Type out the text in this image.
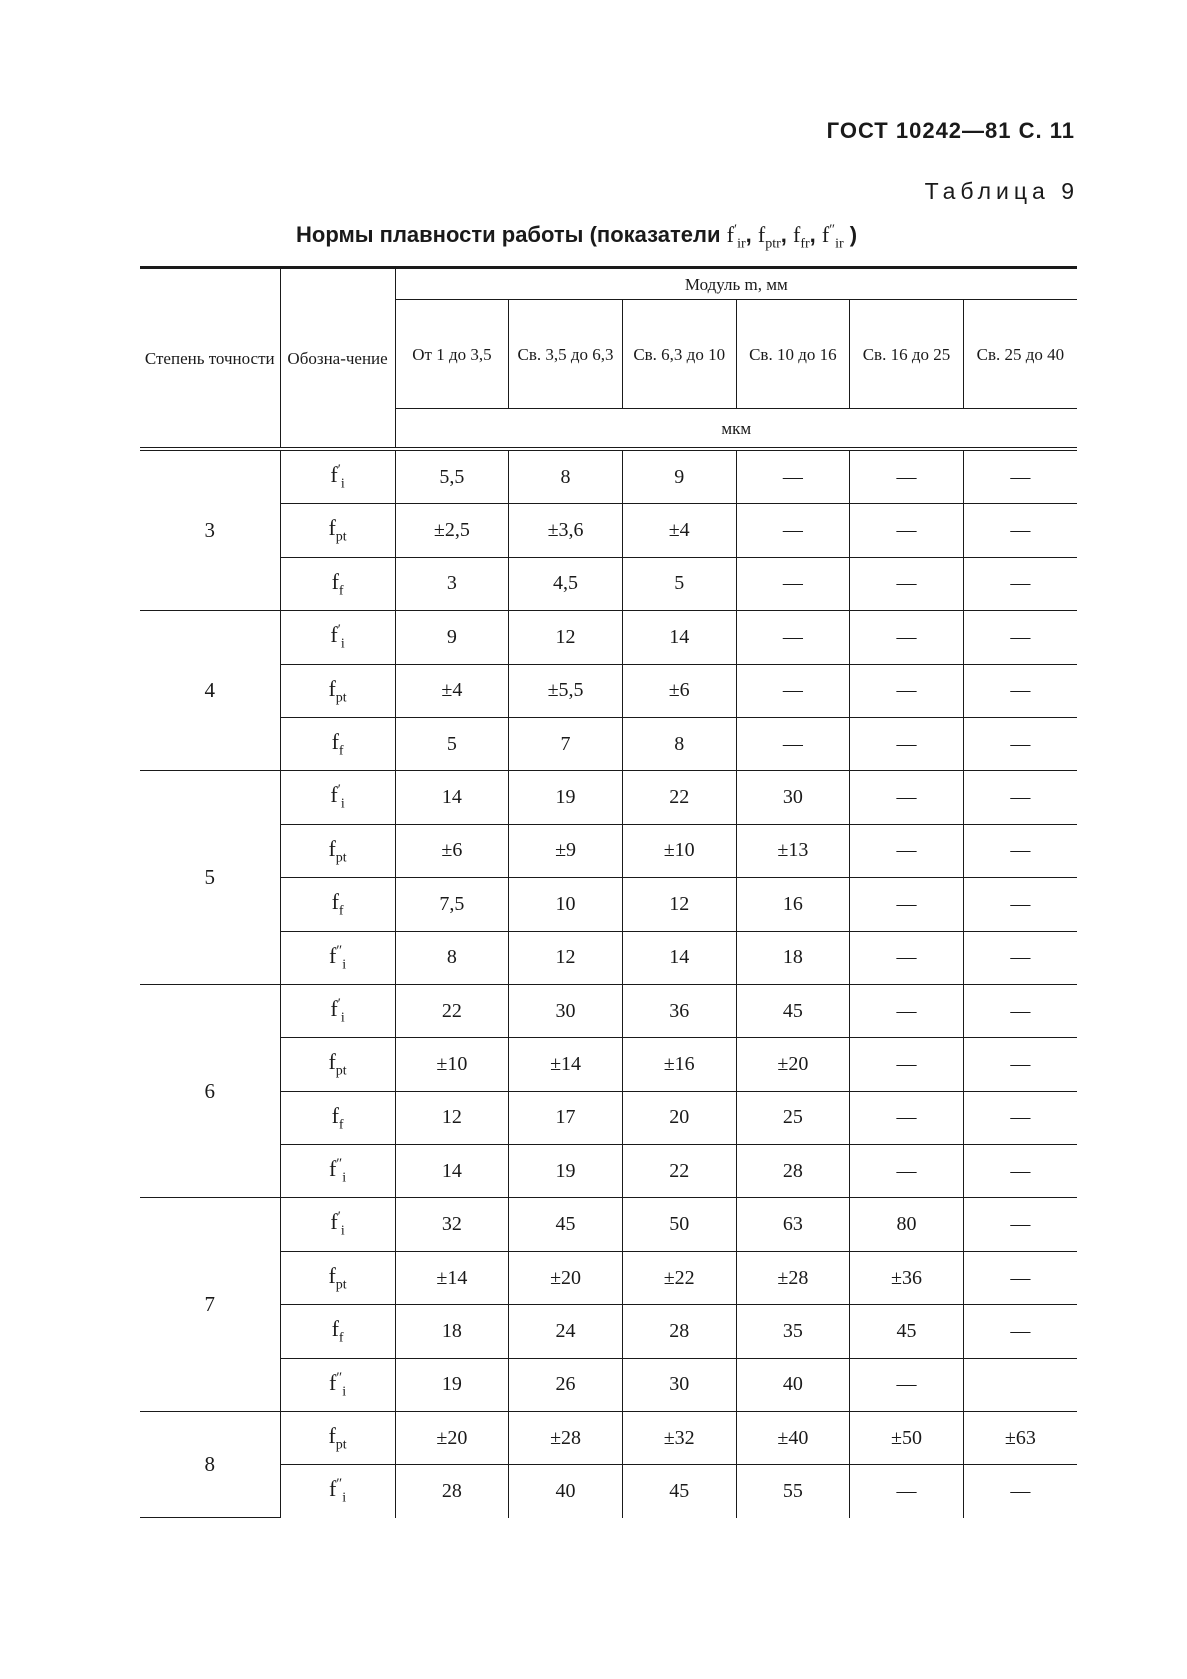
ГОСТ 10242—81 С. 11
Таблица 9
Нормы плавности работы (показатели $f'_{ir}$, $f_{ptr}$, $f_{fr}$, $f''_{ir}$ )
Степень точности	Обозна-чение	Модуль m, мм					
		От 1 до 3,5	Св. 3,5 до 6,3	Св. 6,3 до 10	Св. 10 до 16	Св. 16 до 25	Св. 25 до 40
		мкм					
3	$f'_i$	5,5	8	9	—	—	—
	$f_{pt}$	±2,5	±3,6	±4	—	—	—
	$f_f$	3	4,5	5	—	—	—
4	$f'_i$	9	12	14	—	—	—
	$f_{pt}$	±4	±5,5	±6	—	—	—
	$f_f$	5	7	8	—	—	—
5	$f'_i$	14	19	22	30	—	—
	$f_{pt}$	±6	±9	±10	±13	—	—
	$f_f$	7,5	10	12	16	—	—
	$f''_i$	8	12	14	18	—	—
6	$f'_i$	22	30	36	45	—	—
	$f_{pt}$	±10	±14	±16	±20	—	—
	$f_f$	12	17	20	25	—	—
	$f''_i$	14	19	22	28	—	—
7	$f'_i$	32	45	50	63	80	—
	$f_{pt}$	±14	±20	±22	±28	±36	—
	$f_f$	18	24	28	35	45	—
	$f''_i$	19	26	30	40	—	
8	$f_{pt}$	±20	±28	±32	±40	±50	±63
	$f''_i$	28	40	45	55	—	—
